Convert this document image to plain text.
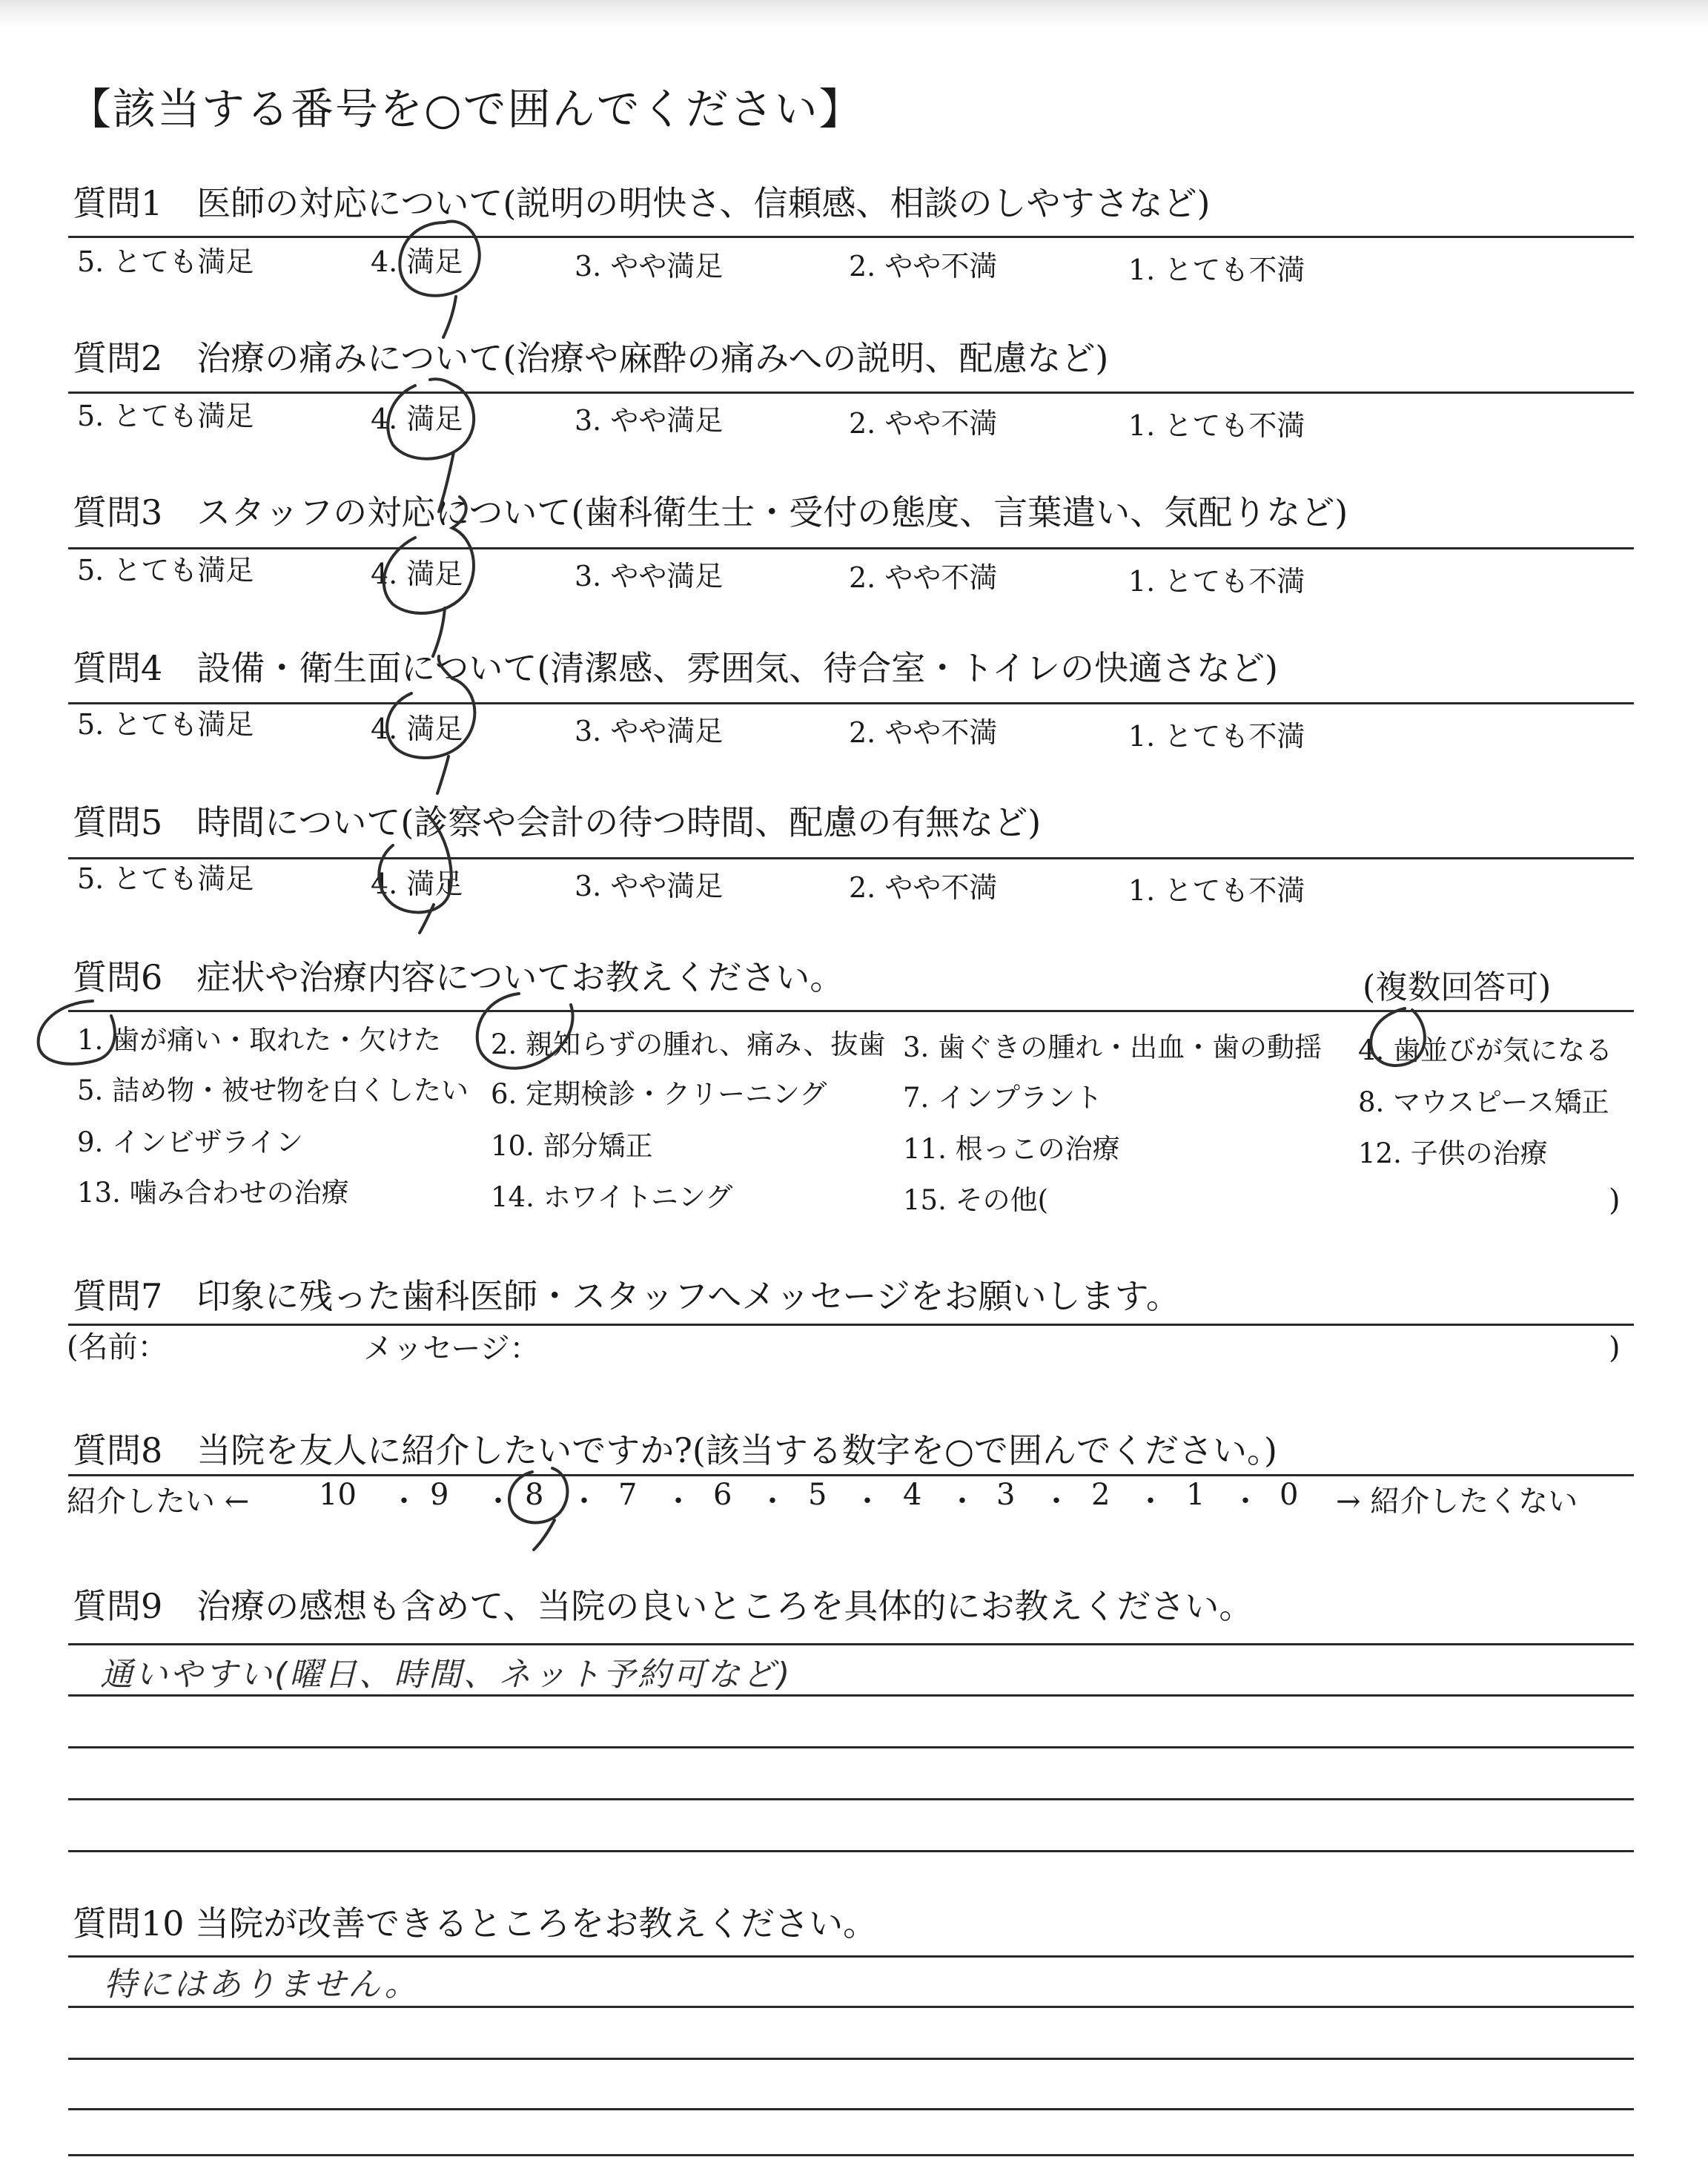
【該当する番号を○で囲んでください】
質問1　医師の対応について(説明の明快さ、信頼感、相談のしやすさなど)
質問2　治療の痛みについて(治療や麻酔の痛みへの説明、配慮など)
質問3　スタッフの対応について(歯科衛生士・受付の態度、言葉遣い、気配りなど)
質問4　設備・衛生面について(清潔感、雰囲気、待合室・トイレの快適さなど)
質問5　時間について(診察や会計の待つ時間、配慮の有無など)
5. とても満足	4. 満足	3. やや満足	2. やや不満	1. とても不満
5. とても満足	4. 満足	3. やや満足	2. やや不満	1. とても不満
5. とても満足	4. 満足	3. やや満足	2. やや不満	1. とても不満
5. とても満足	4. 満足	3. やや満足	2. やや不満	1. とても不満
5. とても満足	4. 満足	3. やや満足	2. やや不満	1. とても不満
質問6　症状や治療内容についてお教えください。	(複数回答可)
1. 歯が痛い・取れた・欠けた 2. 親知らずの腫れ、痛み、抜歯 3. 歯ぐきの腫れ・出血・歯の動揺 4. 歯並びが気になる
5. 詰め物・被せ物を白くしたい 6. 定期検診・クリーニング	7. インプラント	8. マウスピース矯正
9. インビザライン	10. 部分矯正	11. 根っこの治療	12. 子供の治療
13. 噛み合わせの治療	14. ホワイトニング	15. その他(	)
質問7　印象に残った歯科医師・スタッフへメッセージをお願いします。
(名前：	メッセージ：	)
質問8　当院を友人に紹介したいですか?(該当する数字を○で囲んでください。)
紹介したい ← 10 ・ 9 ・ 8 ・ 7 ・ 6 ・ 5 ・ 4 ・ 3 ・ 2 ・ 1 ・ 0 → 紹介したくない
質問9　治療の感想も含めて、当院の良いところを具体的にお教えください。
通いやすい(曜日、時間、ネット予約可など)
質問10 当院が改善できるところをお教えください。
特にはありません。
